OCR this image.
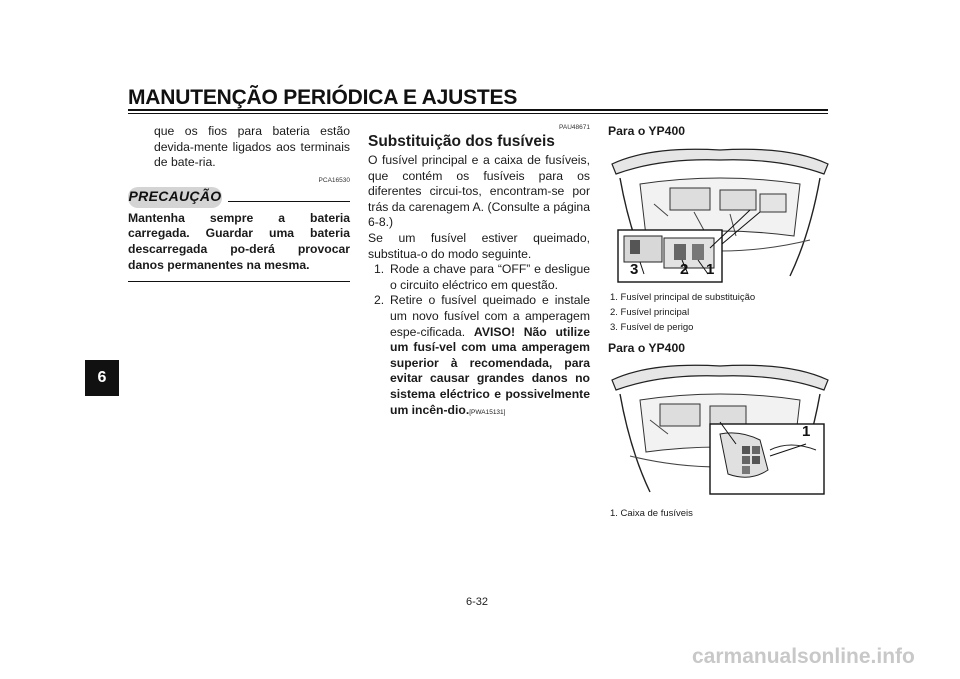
MANUTENÇÃO PERIÓDICA E AJUSTES
6
que os fios para bateria estão devida-mente ligados aos terminais de bate-ria.
PCA16530
PRECAUÇÃO
Mantenha sempre a bateria carregada. Guardar uma bateria descarregada po-derá provocar danos permanentes na mesma.
PAU48671
Substituição dos fusíveis
O fusível principal e a caixa de fusíveis, que contém os fusíveis para os diferentes circui-tos, encontram-se por trás da carenagem A. (Consulte a página 6-8.)
Se um fusível estiver queimado, substitua-o do modo seguinte.
1. Rode a chave para “OFF” e desligue o circuito eléctrico em questão.
2. Retire o fusível queimado e instale um novo fusível com a amperagem espe-cificada. AVISO! Não utilize um fusí-vel com uma amperagem superior à recomendada, para evitar causar grandes danos no sistema eléctrico e possivelmente um incên-dio.[PWA15131]
Para o YP400
3	2 1
1. Fusível principal de substituição
2. Fusível principal
3. Fusível de perigo
Para o YP400
1
1. Caixa de fusíveis
6-32
carmanualsonline.info
